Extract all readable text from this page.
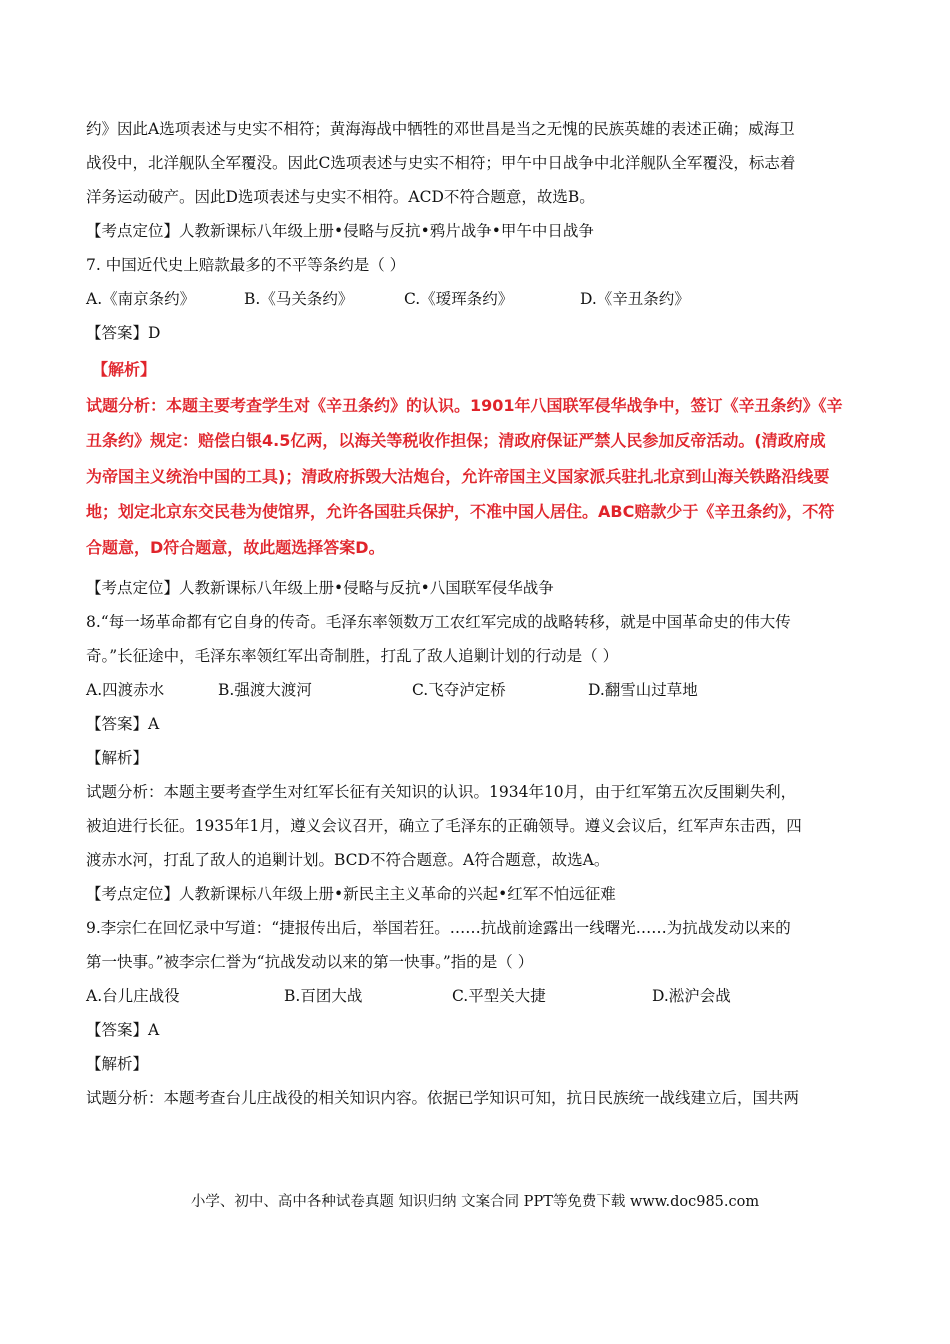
约》因此A选项表述与史实不相符；黄海海战中牺牲的邓世昌是当之无愧的民族英雄的表述正确；威海卫
战役中，北洋舰队全军覆没。因此C选项表述与史实不相符；甲午中日战争中北洋舰队全军覆没，标志着
洋务运动破产。因此D选项表述与史实不相符。ACD不符合题意，故选B。
【考点定位】人教新课标八年级上册•侵略与反抗•鸦片战争•甲午中日战争
7. 中国近代史上赔款最多的不平等条约是（ ）
A.《南京条约》	B.《马关条约》	C.《瑷珲条约》	D.《辛丑条约》
【答案】D
【解析】
试题分析：本题主要考查学生对《辛丑条约》的认识。1901年八国联军侵华战争中，签订《辛丑条约》《辛
丑条约》规定：赔偿白银4.5亿两，以海关等税收作担保；清政府保证严禁人民参加反帝活动。(清政府成
为帝国主义统治中国的工具)；清政府拆毁大沽炮台，允许帝国主义国家派兵驻扎北京到山海关铁路沿线要
地；划定北京东交民巷为使馆界，允许各国驻兵保护，不准中国人居住。ABC赔款少于《辛丑条约》，不符
合题意，D符合题意，故此题选择答案D。
【考点定位】人教新课标八年级上册•侵略与反抗•八国联军侵华战争
8.“每一场革命都有它自身的传奇。毛泽东率领数万工农红军完成的战略转移，就是中国革命史的伟大传
奇。”长征途中，毛泽东率领红军出奇制胜，打乱了敌人追剿计划的行动是（ ）
A.四渡赤水	B.强渡大渡河	C.飞夺泸定桥	D.翻雪山过草地
【答案】A
【解析】
试题分析：本题主要考查学生对红军长征有关知识的认识。1934年10月，由于红军第五次反围剿失利，
被迫进行长征。1935年1月，遵义会议召开，确立了毛泽东的正确领导。遵义会议后，红军声东击西，四
渡赤水河，打乱了敌人的追剿计划。BCD不符合题意。A符合题意，故选A。
【考点定位】人教新课标八年级上册•新民主主义革命的兴起•红军不怕远征难
9.李宗仁在回忆录中写道：“捷报传出后，举国若狂。……抗战前途露出一线曙光……为抗战发动以来的
第一快事。”被李宗仁誉为“抗战发动以来的第一快事。”指的是（ ）
A.台儿庄战役	B.百团大战	C.平型关大捷	D.淞沪会战
【答案】A
【解析】
试题分析：本题考查台儿庄战役的相关知识内容。依据已学知识可知，抗日民族统一战线建立后，国共两
小学、初中、高中各种试卷真题 知识归纳 文案合同 PPT等免费下载 www.doc985.com
